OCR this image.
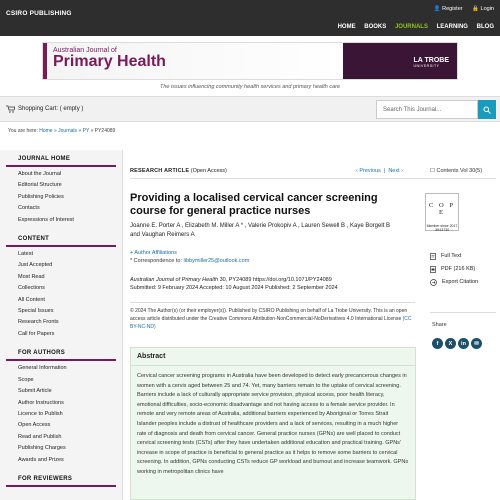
CSIRO PUBLISHING
👤 Register 🔒 Login
HOME BOOKS JOURNALS LEARNING BLOG
Australian Journal of
Primary Health	LA TROBE
UNIVERSITY
The issues influencing community health services and primary health care
Shopping Cart: ( empty )	Search This Journal...
You are here: Home » Journals » PY » PY24089
JOURNAL HOME
About the Journal
Editorial Structure
Publishing Policies
Contacts
Expressions of Interest
CONTENT
Latest
Just Accepted
Most Read
Collections
All Content
Special Issues
Research Fronts
Call for Papers
FOR AUTHORS
General Information
Scope
Submit Article
Author Instructions
Licence to Publish
Open Access
Read and Publish
Publishing Charges
Awards and Prizes
FOR REVIEWERS
RESEARCH ARTICLE (Open Access)	‹ Previous  |  Next ›	☐ Contents Vol 30(5)
Providing a localised cervical cancer screening course for general practice nurses
Joanne E. Porter A , Elizabeth M. Miller A * , Valerie Prokopiv A , Lauren Sewell B , Kaye Borgelt B
and Vaughan Reimers A
+ Author Affiliations
* Correspondence to: libbymiller25@outlook.com
Australian Journal of Primary Health 30, PY24089 https://doi.org/10.1071/PY24089
Submitted: 9 February 2024 Accepted: 10 August 2024 Published: 2 September 2024
© 2024 The Author(s) (or their employer(s)). Published by CSIRO Publishing on behalf of La Trobe University. This is an open access article distributed under the Creative Commons Attribution-NonCommercial-NoDerivatives 4.0 International License (CC BY-NC-ND)
Abstract
Cervical cancer screening programs in Australia have been developed to detect early precancerous changes in women with a cervix aged between 25 and 74. Yet, many barriers remain to the uptake of cervical screening. Barriers include a lack of culturally appropriate service provision, physical access, poor health literacy, emotional difficulties, socio-economic disadvantage and not having access to a female service provider. In remote and very remote areas of Australia, additional barriers experienced by Aboriginal or Torres Strait Islander peoples include a distrust of healthcare providers and a lack of services, resulting in a much higher rate of diagnosis and death from cervical cancer. General practice nurses (GPNs) are well placed to conduct cervical screening tests (CSTs) after they have undertaken additional education and practical training. GPNs' increase in scope of practice is beneficial to general practice as it helps to remove some barriers to cervical screening. In addition, GPNs conducting CSTs reduce GP workload and burnout and increase teamwork. GPNs working in metropolitan clinics have
C O P E
Member since 2017
JM13730
Full Text
PDF (216 KB)
Export Citation
Share
f	X	in	✉
